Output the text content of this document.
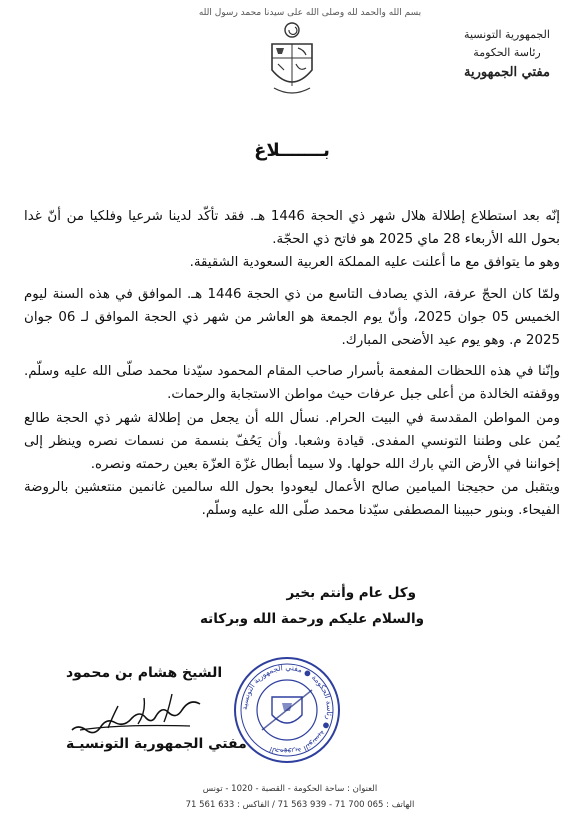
بسم الله والحمد لله وصلى الله على سيدنا محمد رسول الله
الجمهورية التونسية
رئاسة الحكومة
مفتي الجمهورية
بـــــــلاغ

إنّه بعد استطلاع إطلالة هلال شهر ذي الحجة 1446 هـ. فقد تأكّد لدينا شرعيا وفلكيا من أنّ غدا بحول الله الأربعاء 28 ماي 2025 هو فاتح ذي الحجّة.

وهو ما يتوافق مع ما أعلنت عليه المملكة العربية السعودية الشقيقة.

ولمّا كان الحجّ عرفة، الذي يصادف التاسع من ذي الحجة 1446 هـ. الموافق في هذه السنة ليوم الخميس 05 جوان 2025، وأنّ يوم الجمعة هو العاشر من شهر ذي الحجة الموافق لـ 06 جوان 2025 م. وهو يوم عيد الأضحى المبارك.

وإنّنا في هذه اللحظات المفعمة بأسرار صاحب المقام المحمود سيّدنا محمد صلّى الله عليه وسلّم. ووقفته الخالدة من أعلى جبل عرفات حيث مواطن الاستجابة والرحمات.

ومن المواطن المقدسة في البيت الحرام. نسأل الله أن يجعل من إطلالة شهر ذي الحجة طالع يُمن على وطننا التونسي المفدى. قيادة وشعبا. وأن يَحُفّ بنسمة من نسمات نصره وينظر إلى إخواننا في الأرض التي بارك الله حولها. ولا سيما أبطال غزّة العزّة بعين رحمته ونصره.

ويتقبل من حجيجنا الميامين صالح الأعمال ليعودوا بحول الله سالمين غانمين منتعشين بالروضة الفيحاء. وبنور حبيبنا المصطفى سيّدنا محمد صلّى الله عليه وسلّم.

وكل عام وأنتم بخير
والسلام عليكم ورحمة الله وبركاته
الجمهورية التونسية ● رئاسة الحكومة ● مفتي الجمهورية التونسية
الشيخ هشام بن محمود
مفتي الجمهورية التونسيـة
العنوان : ساحة الحكومة - القصبة - 1020 - تونس
الهاتف : 065 700 71 - 939 563 71 / الفاكس : 633 561 71
